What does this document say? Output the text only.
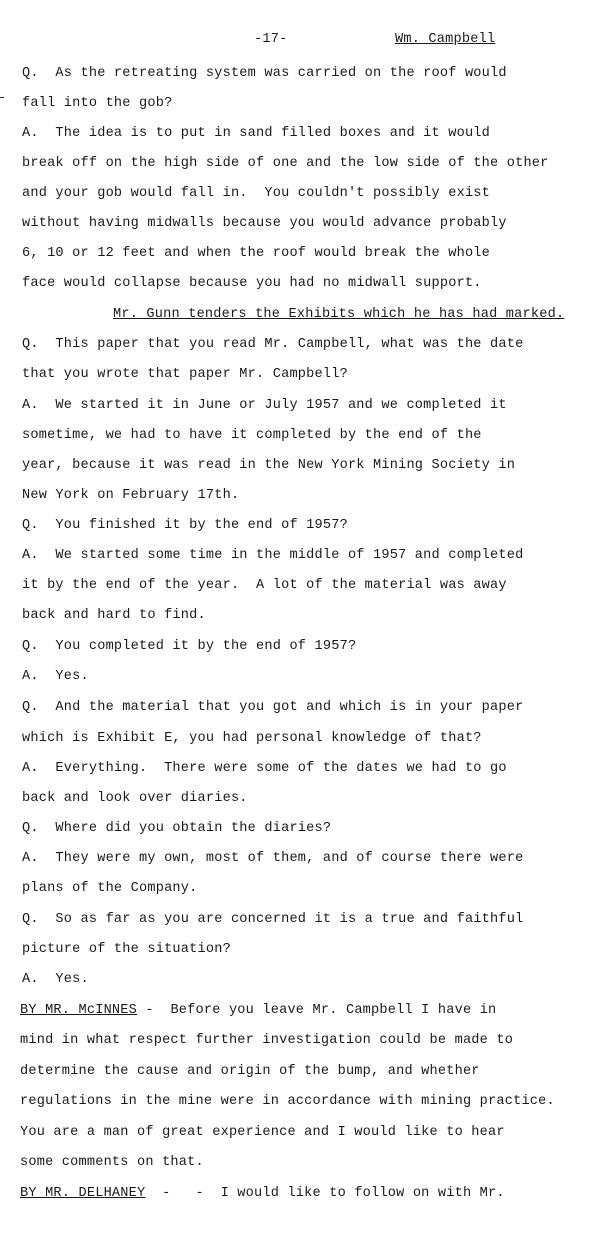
-17-	Wm. Campbell
Q.  As the retreating system was carried on the roof would
fall into the gob?
A.  The idea is to put in sand filled boxes and it would
break off on the high side of one and the low side of the other
and your gob would fall in.  You couldn't possibly exist
without having midwalls because you would advance probably
6, 10 or 12 feet and when the roof would break the whole
face would collapse because you had no midwall support.
Mr. Gunn tenders the Exhibits which he has had marked.
Q.  This paper that you read Mr. Campbell, what was the date
that you wrote that paper Mr. Campbell?
A.  We started it in June or July 1957 and we completed it
sometime, we had to have it completed by the end of the
year, because it was read in the New York Mining Society in
New York on February 17th.
Q.  You finished it by the end of 1957?
A.  We started some time in the middle of 1957 and completed
it by the end of the year.  A lot of the material was away
back and hard to find.
Q.  You completed it by the end of 1957?
A.  Yes.
Q.  And the material that you got and which is in your paper
which is Exhibit E, you had personal knowledge of that?
A.  Everything.  There were some of the dates we had to go
back and look over diaries.
Q.  Where did you obtain the diaries?
A.  They were my own, most of them, and of course there were
plans of the Company.
Q.  So as far as you are concerned it is a true and faithful
picture of the situation?
A.  Yes.
BY MR. McINNES -  Before you leave Mr. Campbell I have in
mind in what respect further investigation could be made to
determine the cause and origin of the bump, and whether
regulations in the mine were in accordance with mining practice.
You are a man of great experience and I would like to hear
some comments on that.
BY MR. DELHANEY  -   -  I would like to follow on with Mr.
